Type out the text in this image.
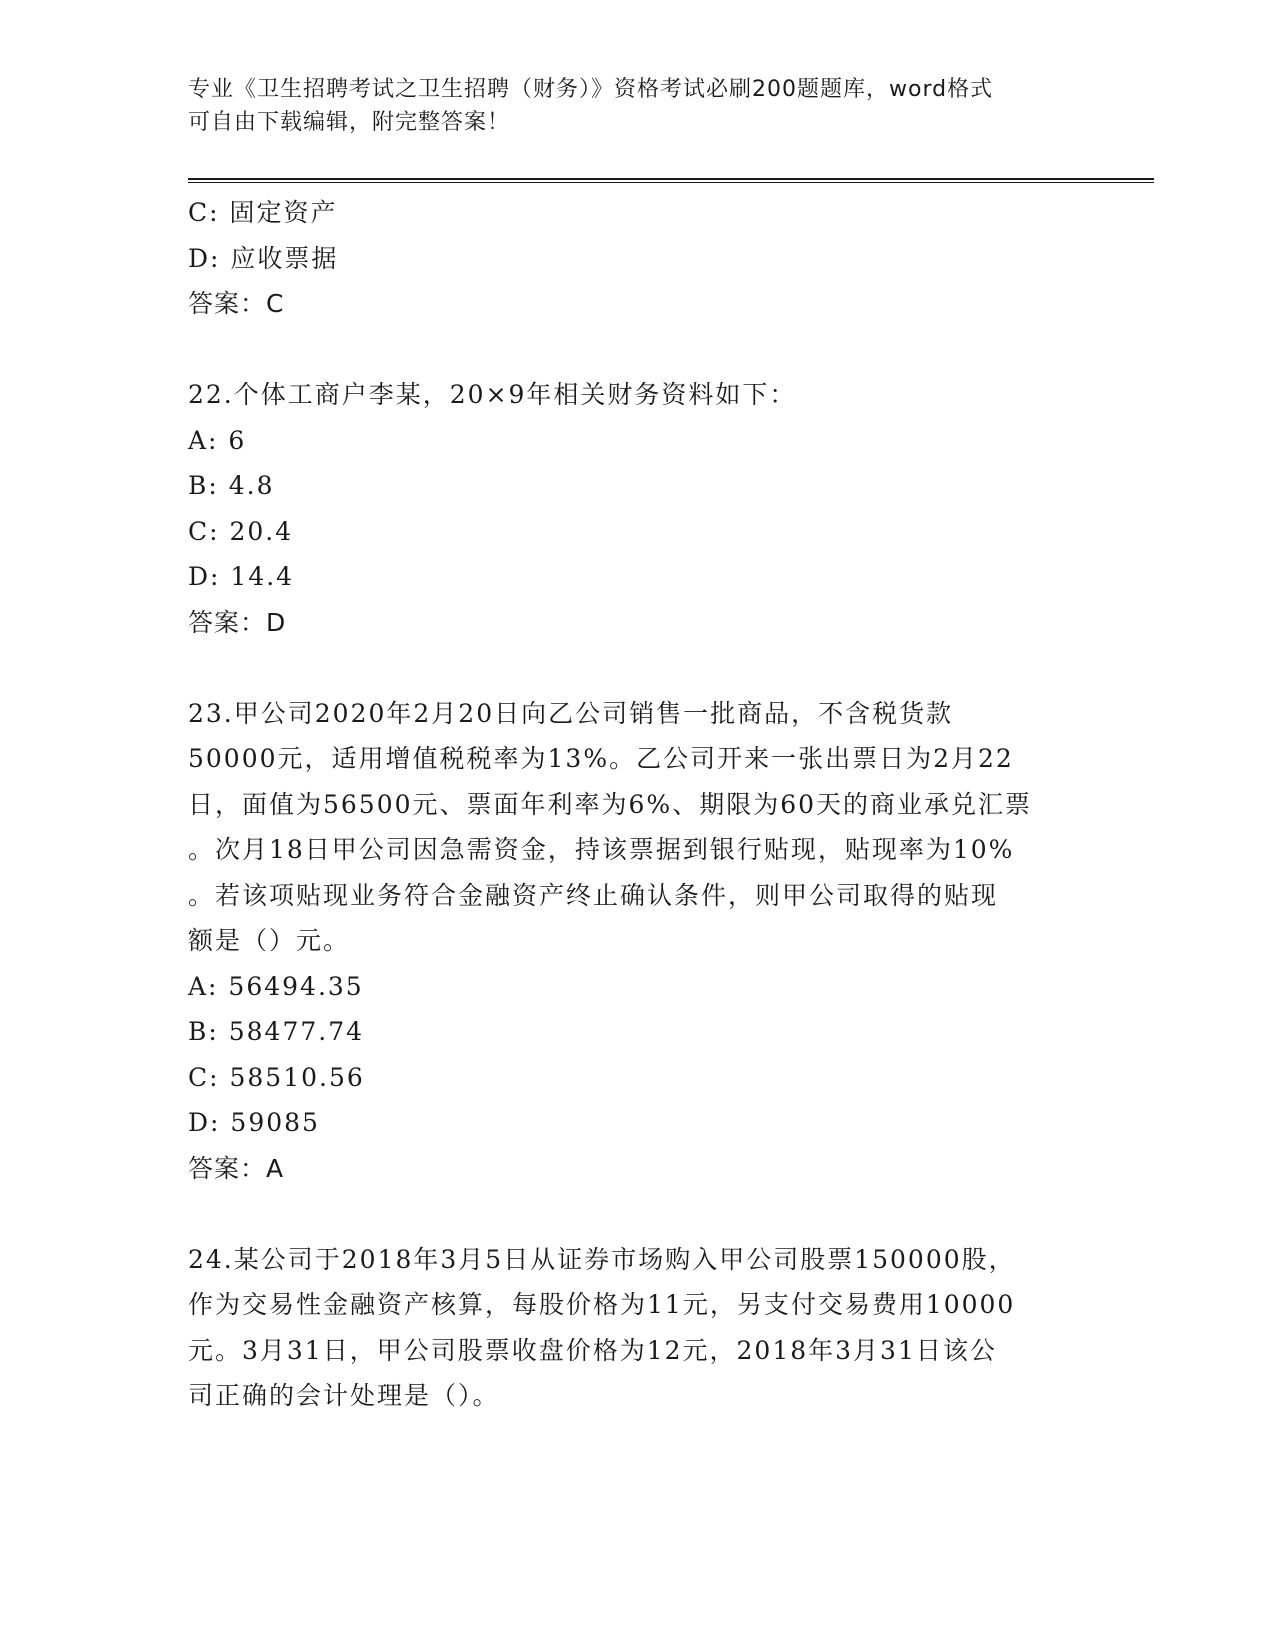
专业《卫生招聘考试之卫生招聘（财务）》资格考试必刷200题题库，word格式
可自由下载编辑，附完整答案！
C: 固定资产
D: 应收票据
答案：C
22.个体工商户李某，20×9年相关财务资料如下：
A: 6
B: 4.8
C: 20.4
D: 14.4
答案：D
23.甲公司2020年2月20日向乙公司销售一批商品，不含税货款
50000元，适用增值税税率为13%。乙公司开来一张出票日为2月22
日，面值为56500元、票面年利率为6%、期限为60天的商业承兑汇票
。次月18日甲公司因急需资金，持该票据到银行贴现，贴现率为10%
。若该项贴现业务符合金融资产终止确认条件，则甲公司取得的贴现
额是（）元。
A: 56494.35
B: 58477.74
C: 58510.56
D: 59085
答案：A
24.某公司于2018年3月5日从证券市场购入甲公司股票150000股，
作为交易性金融资产核算，每股价格为11元，另支付交易费用10000
元。3月31日，甲公司股票收盘价格为12元，2018年3月31日该公
司正确的会计处理是（）。
